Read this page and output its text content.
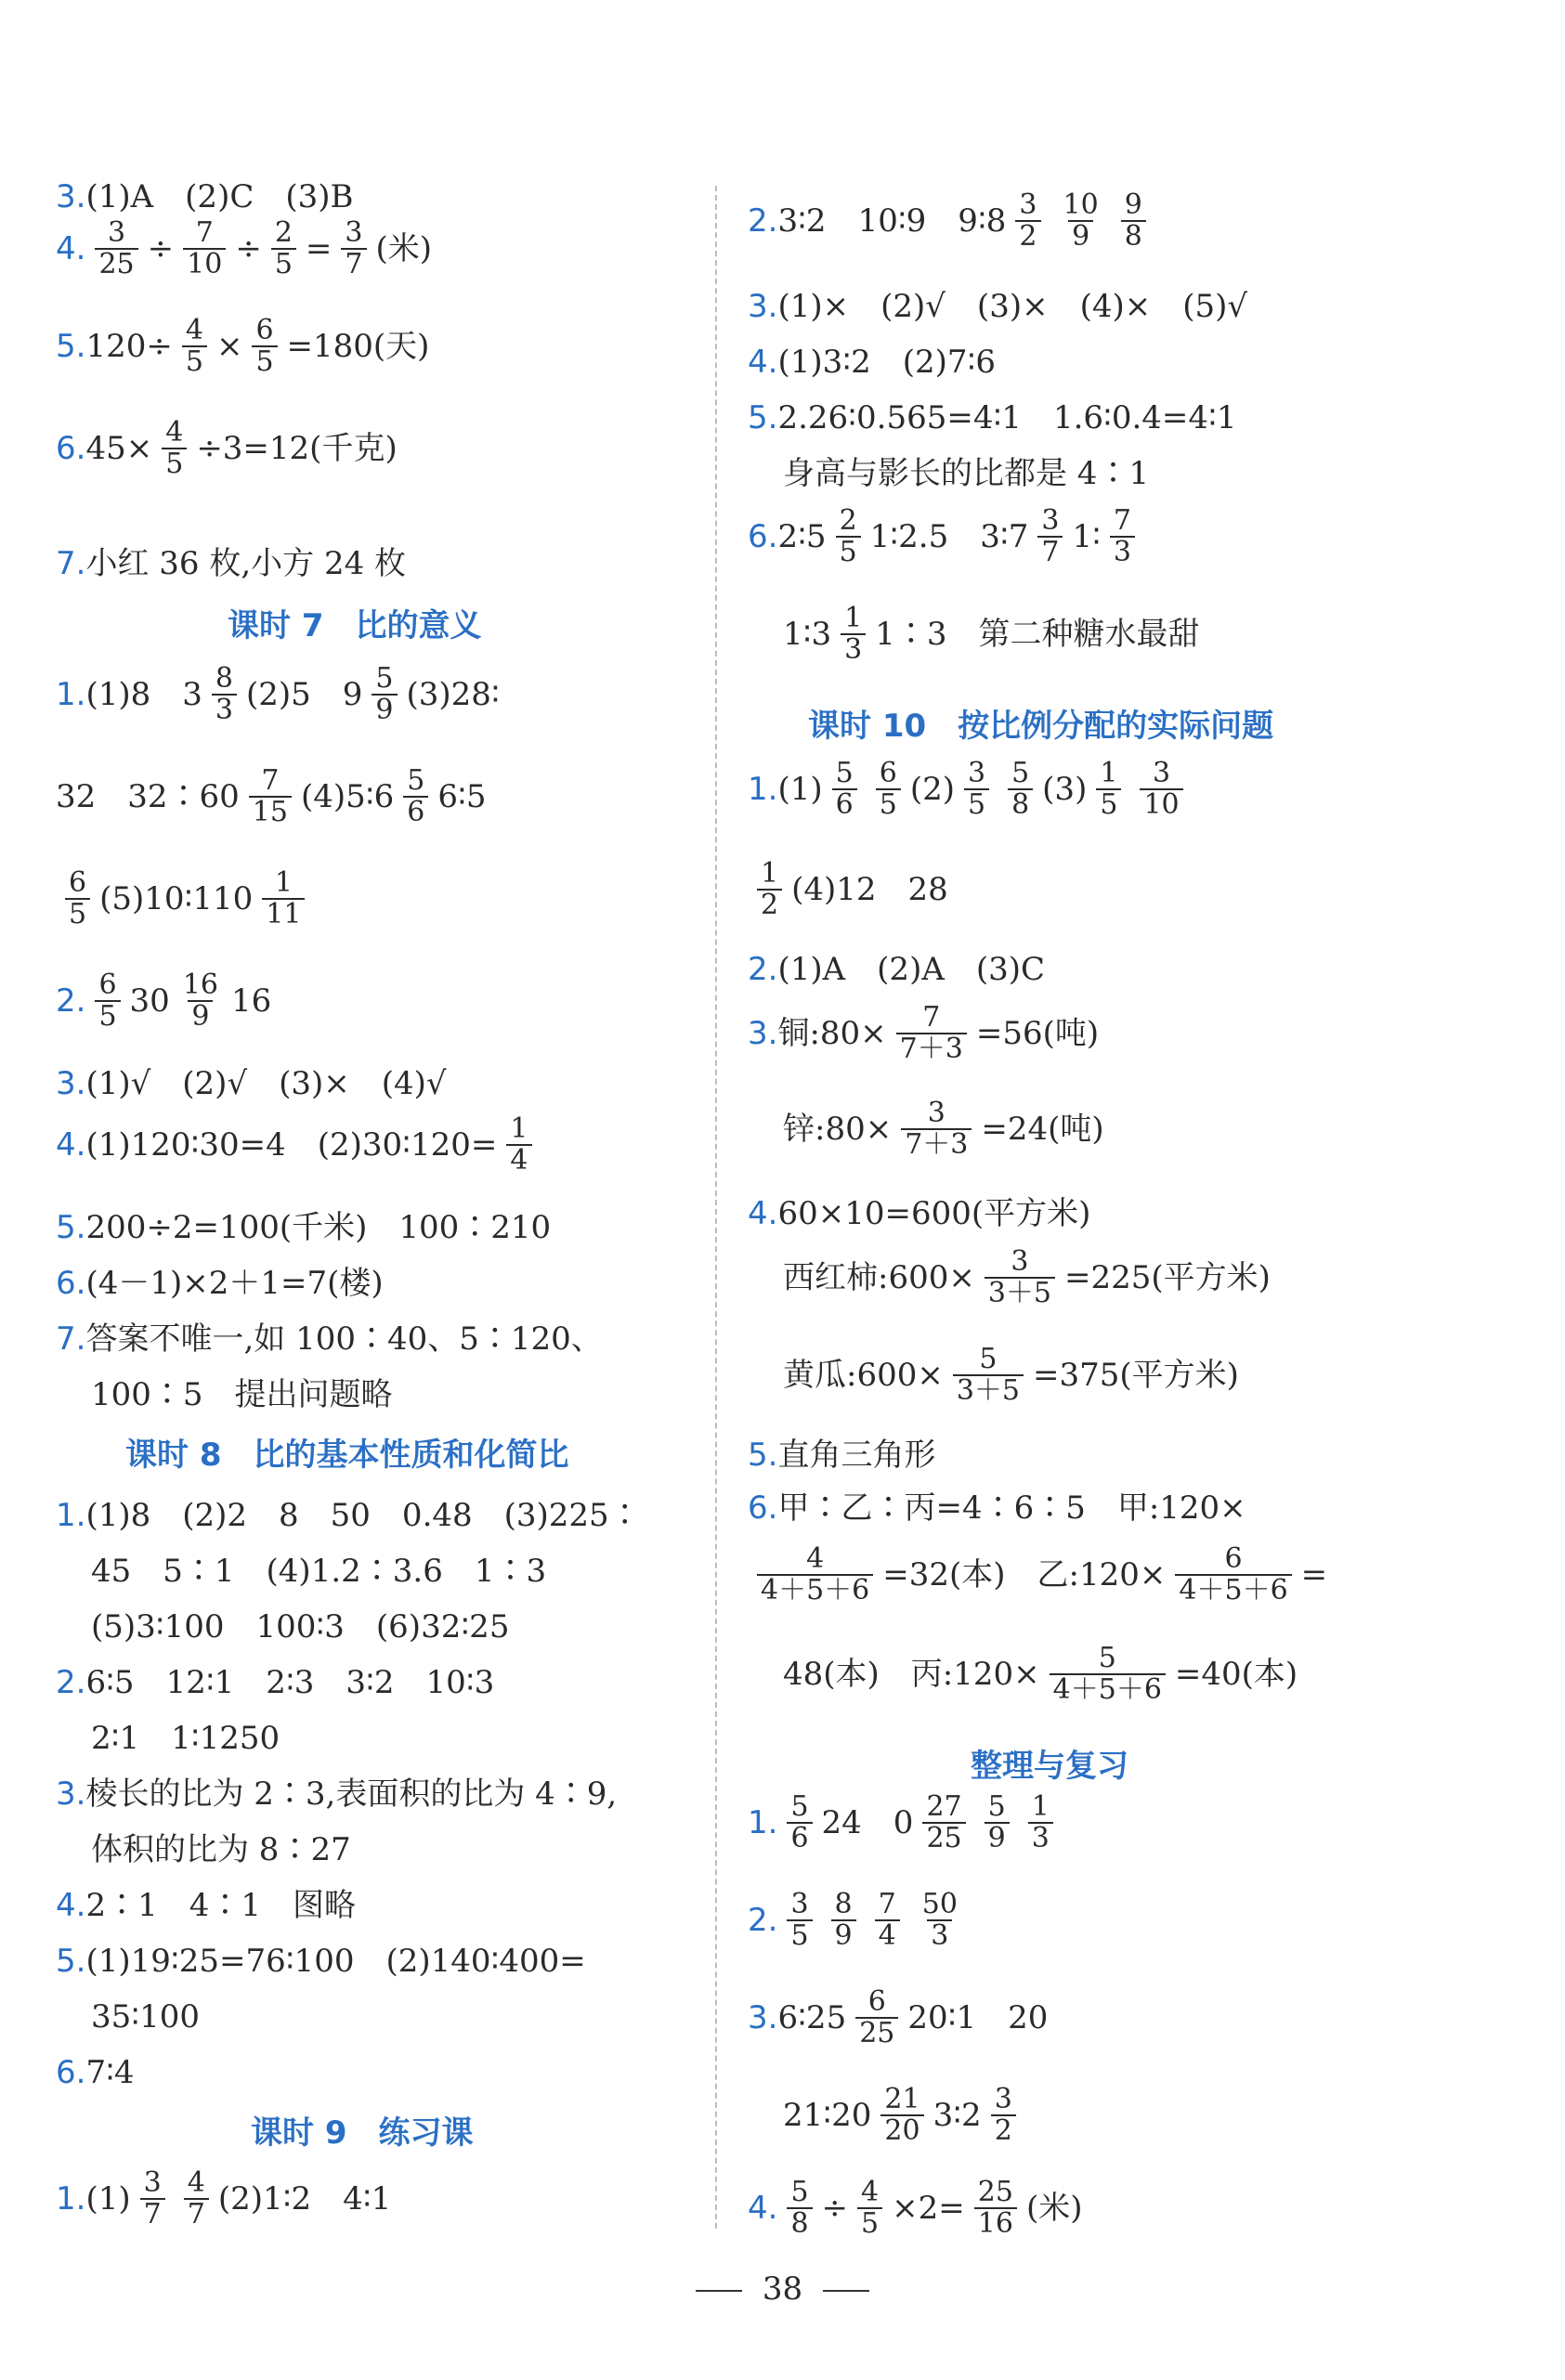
3. (1)A　(2)C　(3)B
4. $\frac{3}{25} \div \frac{7}{10} \div \frac{2}{5} = \frac{3}{7}$ (米)
5. $120\div \frac{4}{5} \times \frac{6}{5} =180$(天)
6. $45\times \frac{4}{5} \div 3=12$(千克)
7. 小红 36 枚,小方 24 枚
课时 7　比的意义
1. (1)8　3 8
3 (2)5　9 5
9 (3)28∶
32　32∶60 7
15 (4)5∶6 5
6 6∶5
6
5 (5)10∶110 1
11
2. 6
5 30 16
9 16
3. (1)√　(2)√　(3)×　(4)√
4. (1)120∶30=4　(2)30∶120= $\frac{1}{4}$
5. 200÷2=100(千米)　100∶210
6. (4－1)×2＋1=7(楼)
7. 答案不唯一,如 100∶40、5∶120、
100∶5　提出问题略
课时 8　比的基本性质和化简比
1. (1)8　(2)2　8　50　0.48　(3)225∶
45　5∶1　(4)1.2∶3.6　1∶3
(5)3∶100　100∶3　(6)32∶25
2. 6∶5　12∶1　2∶3　3∶2　10∶3
2∶1　1∶1250
3. 棱长的比为 2∶3,表面积的比为 4∶9,
体积的比为 8∶27
4. 2∶1　4∶1　图略
5. (1)19∶25=76∶100　(2)140∶400=
35∶100
6. 7∶4
课时 9　练习课
1. (1) 3
7
4
7 (2)1∶2　4∶1
2. 3∶2　10∶9　9∶8 3
2
10
9
9
8
3. (1)×　(2)√　(3)×　(4)×　(5)√
4. (1)3∶2　(2)7∶6
5. 2.26∶0.565=4∶1　1.6∶0.4=4∶1
身高与影长的比都是 4∶1
6. 2∶5 2
5 1∶2.5　3∶7 3
7 1∶ 7
3
1∶3 1
3 1∶3　第二种糖水最甜
课时 10　按比例分配的实际问题
1. (1) 5
6
6
5 (2) 3
5
5
8 (3) 1
5
3
10
1
2 (4)12　28
2. (1)A　(2)A　(3)C
3. 铜:80× $\frac{7}{7+3} =56$(吨)
锌:80× $\frac{3}{7+3} =24$(吨)
4. 60×10=600(平方米)
西红柿:600× $\frac{3}{3+5} =225$(平方米)
黄瓜:600× $\frac{5}{3+5} =375$(平方米)
5. 直角三角形
6. 甲∶乙∶丙=4∶6∶5　甲:120×
$\frac{4}{4+5+6} =32$(本)　乙:120× $\frac{6}{4+5+6}$ =
48(本)　丙:120× $\frac{5}{4+5+6} =40$(本)
整理与复习
1. 5
6 24　0 27
25
5
9
1
3
2. 3
5
8
9
7
4
50
3
3. 6∶25 6
25 20∶1　20
21∶20 21
20 3∶2 3
2
4. $\frac{5}{8} \div \frac{4}{5} \times 2= \frac{25}{16}$ (米)
38
